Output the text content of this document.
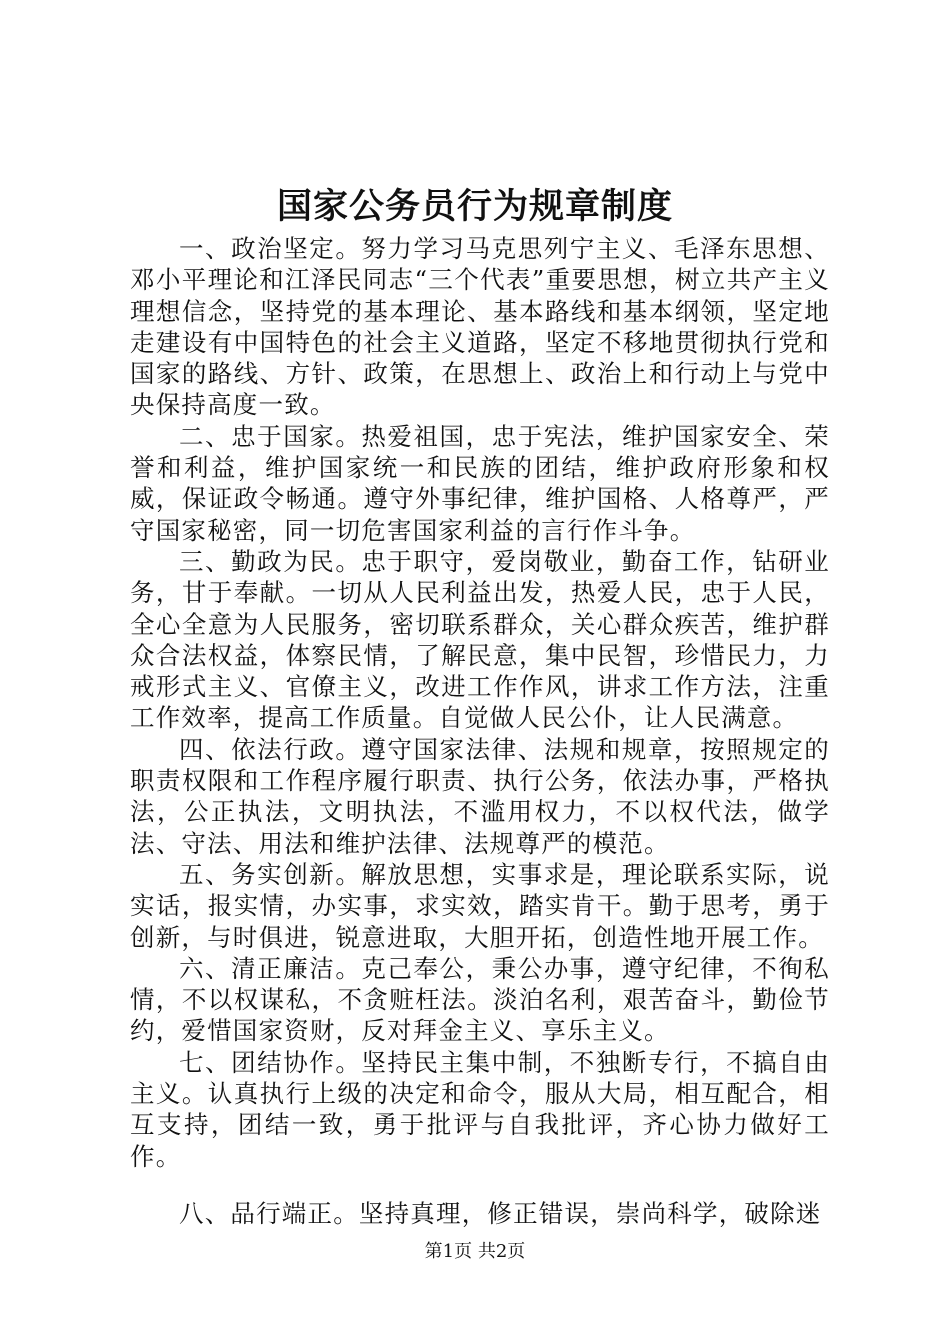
国家公务员行为规章制度

一、政治坚定。努力学习马克思列宁主义、毛泽东思想、邓小平理论和江泽民同志“三个代表”重要思想，树立共产主义理想信念，坚持党的基本理论、基本路线和基本纲领，坚定地走建设有中国特色的社会主义道路，坚定不移地贯彻执行党和国家的路线、方针、政策，在思想上、政治上和行动上与党中央保持高度一致。

二、忠于国家。热爱祖国，忠于宪法，维护国家安全、荣誉和利益，维护国家统一和民族的团结，维护政府形象和权威，保证政令畅通。遵守外事纪律，维护国格、人格尊严，严守国家秘密，同一切危害国家利益的言行作斗争。

三、勤政为民。忠于职守，爱岗敬业，勤奋工作，钻研业务，甘于奉献。一切从人民利益出发，热爱人民，忠于人民，全心全意为人民服务，密切联系群众，关心群众疾苦，维护群众合法权益，体察民情，了解民意，集中民智，珍惜民力，力戒形式主义、官僚主义，改进工作作风，讲求工作方法，注重工作效率，提高工作质量。自觉做人民公仆，让人民满意。

四、依法行政。遵守国家法律、法规和规章，按照规定的职责权限和工作程序履行职责、执行公务，依法办事，严格执法，公正执法，文明执法，不滥用权力，不以权代法，做学法、守法、用法和维护法律、法规尊严的模范。

五、务实创新。解放思想，实事求是，理论联系实际，说实话，报实情，办实事，求实效，踏实肯干。勤于思考，勇于创新，与时俱进，锐意进取，大胆开拓，创造性地开展工作。

六、清正廉洁。克己奉公，秉公办事，遵守纪律，不徇私情，不以权谋私，不贪赃枉法。淡泊名利，艰苦奋斗，勤俭节约，爱惜国家资财，反对拜金主义、享乐主义。

七、团结协作。坚持民主集中制，不独断专行，不搞自由主义。认真执行上级的决定和命令，服从大局，相互配合，相互支持，团结一致，勇于批评与自我批评，齐心协力做好工作。

八、品行端正。坚持真理，修正错误，崇尚科学，破除迷

第1页 共2页
